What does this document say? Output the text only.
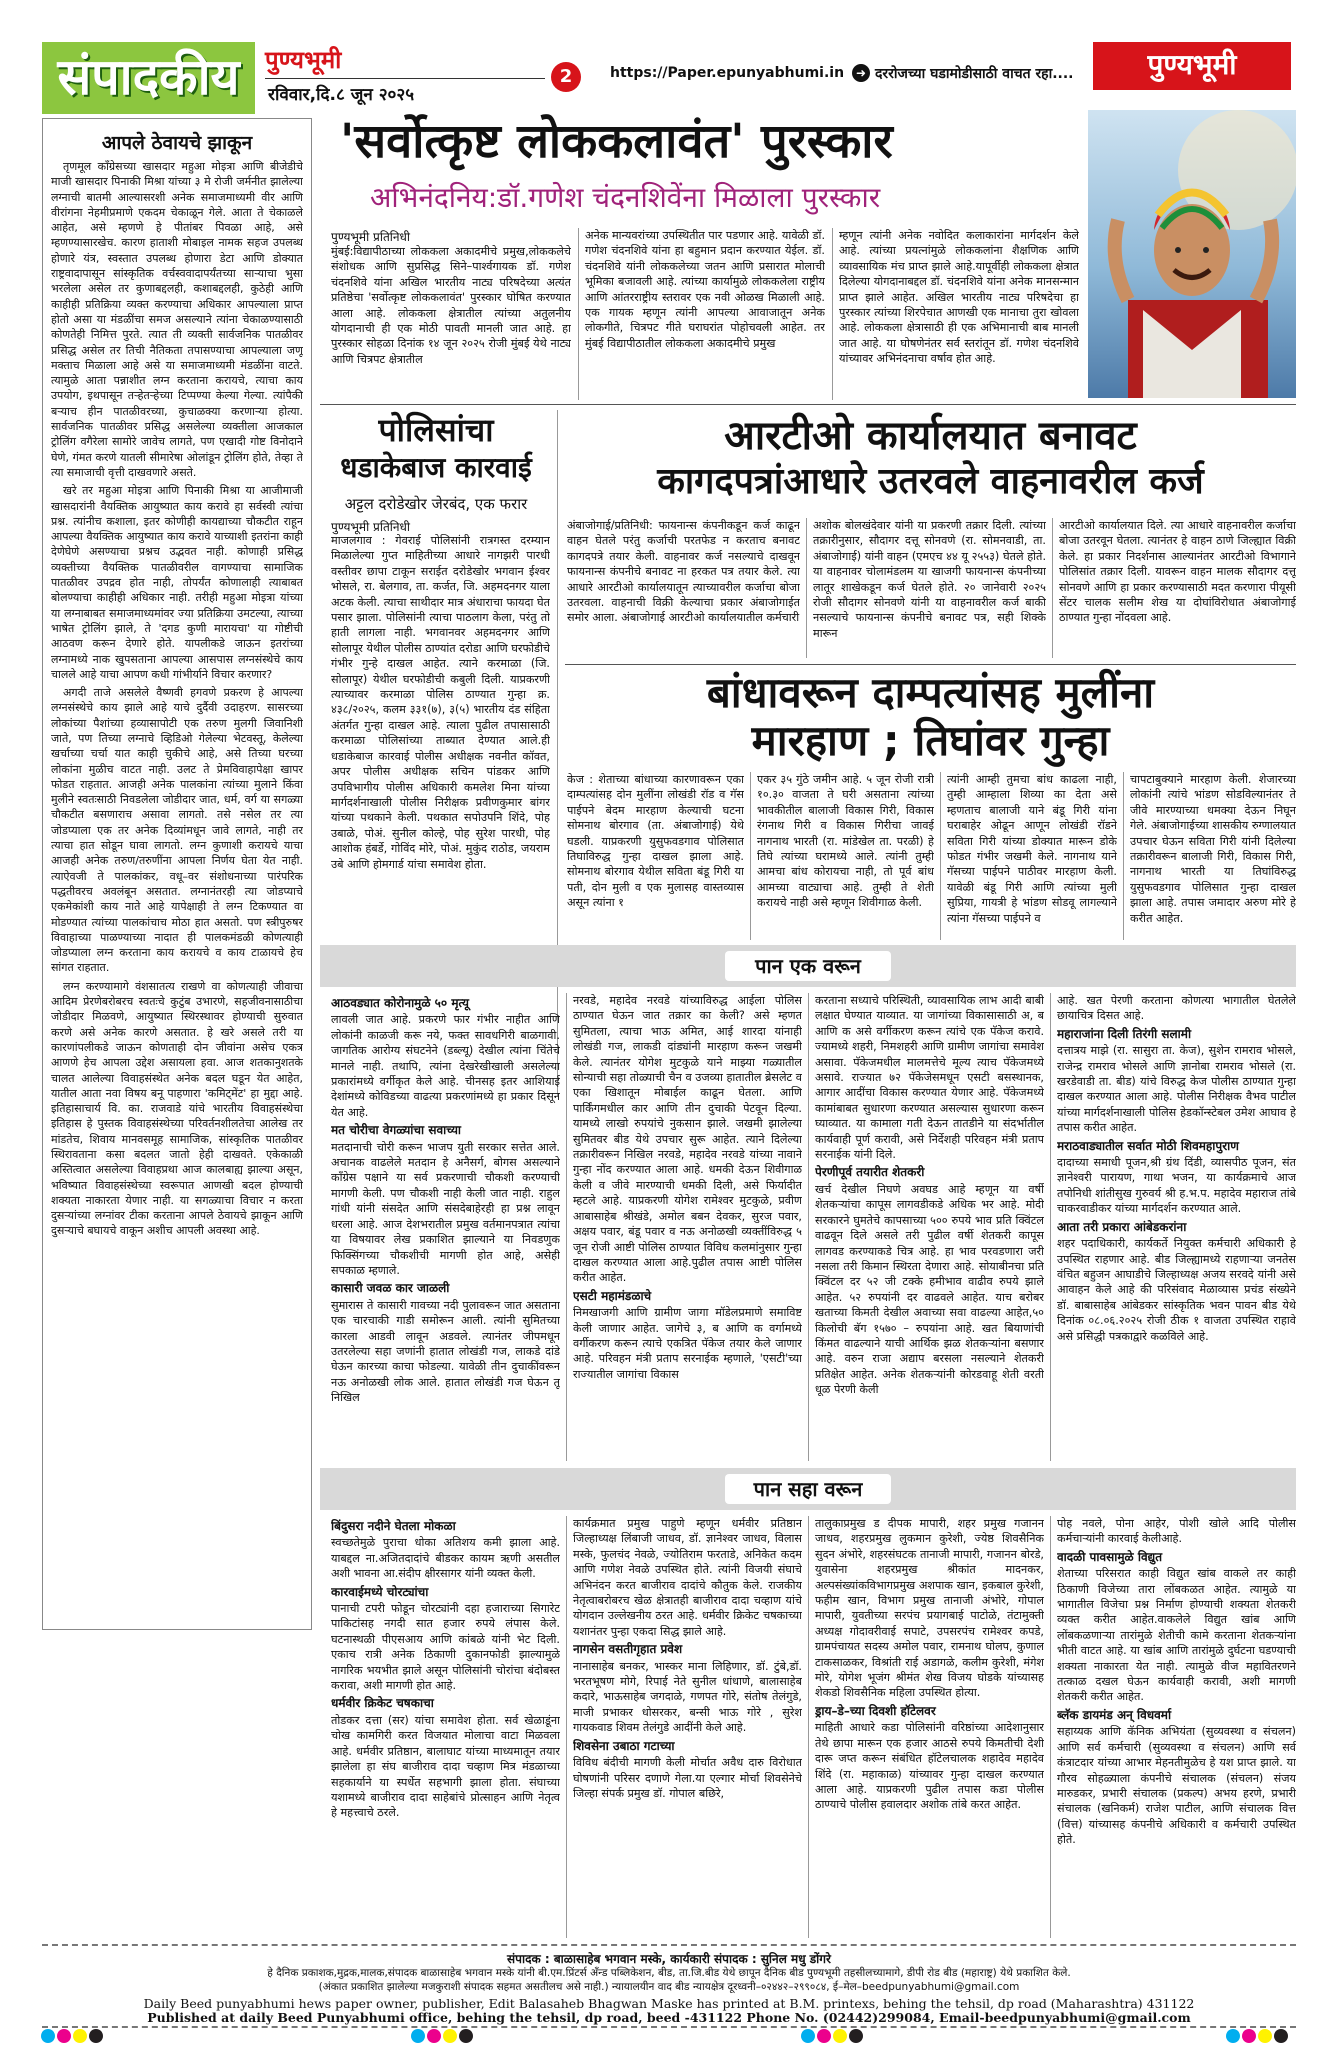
संपादकीय	पुण्यभूमी
रविवार,दि.८ जून २०२५
2	https://Paper.epunyabhumi.in ➜ दररोजच्या घडामोडीसाठी वाचत रहा....	पुण्यभूमी
आपले ठेवायचे झाकून

तृणमूल काँग्रेसच्या खासदार महुआ मोइत्रा आणि बीजेडीचे माजी खासदार पिनाकी मिश्रा यांच्या ३ मे रोजी जर्मनीत झालेल्या लग्नाची बातमी आल्यासरशी अनेक समाजमाध्यमी वीर आणि वीरांगना नेहमीप्रमाणे एकदम चेकाळून गेले. आता ते चेकाळले आहेत, असे म्हणणे हे पीतांबर पिवळा आहे, असे म्हणण्यासारखेच. कारण हाताशी मोबाइल नामक सहज उपलब्ध होणारे यंत्र, स्वस्तात उपलब्ध होणारा डेटा आणि डोक्यात राष्ट्रवादापासून सांस्कृतिक वर्चस्ववादापर्यंतच्या साऱ्याचा भुसा भरलेला असेल तर कुणाबद्दलही, कशाबद्दलही, कुठेही आणि काहीही प्रतिक्रिया व्यक्त करण्याचा अधिकार आपल्याला प्राप्त होतो असा या मंडळींचा समज असल्याने त्यांना चेकाळण्यासाठी कोणतेही निमित्त पुरते. त्यात ती व्यक्ती सार्वजनिक पातळीवर प्रसिद्ध असेल तर तिची नैतिकता तपासण्याचा आपल्याला जणू मक्ताच मिळाला आहे असे या समाजमाध्यमी मंडळींना वाटते. त्यामुळे आता पन्नाशीत लग्न करताना करायचे, त्याचा काय उपयोग, इथपासून तऱ्हेतऱ्हेच्या टिप्पण्या केल्या गेल्या. त्यांपैकी बऱ्याच हीन पातळीवरच्या, कुचाळक्या करणाऱ्या होत्या. सार्वजनिक पातळीवर प्रसिद्ध असलेल्या व्यक्तीला आजकाल ट्रोलिंग वगैरेला सामोरे जावेच लागते, पण एखादी गोष्ट विनोदाने घेणे, गंमत करणे यातली सीमारेषा ओलांडून ट्रोलिंग होते, तेव्हा ते त्या समाजाची वृत्ती दाखवणारे असते.

खरे तर महुआ मोइत्रा आणि पिनाकी मिश्रा या आजीमाजी खासदारांनी वैयक्तिक आयुष्यात काय करावे हा सर्वस्वी त्यांचा प्रश्न. त्यांनीच कशाला, इतर कोणीही कायद्याच्या चौकटीत राहून आपल्या वैयक्तिक आयुष्यात काय करावे याच्याशी इतरांना काही देणेघेणे असण्याचा प्रश्नच उद्भवत नाही. कोणाही प्रसिद्ध व्यक्तीच्या वैयक्तिक पातळीवरील वागण्याचा सामाजिक पातळीवर उपद्रव होत नाही, तोपर्यंत कोणालाही त्याबाबत बोलण्याचा काहीही अधिकार नाही. तरीही महुआ मोइत्रा यांच्या या लग्नाबाबत समाजमाध्यमांवर ज्या प्रतिक्रिया उमटल्या, त्याच्या भाषेत ट्रोलिंग झाले, ते 'दगड कुणी मारायचा' या गोष्टीची आठवण करून देणारे होते. यापलीकडे जाऊन इतरांच्या लग्नामध्ये नाक खुपसताना आपल्या आसपास लग्नसंस्थेचे काय चालले आहे याचा आपण कधी गांभीर्याने विचार करणार?

अगदी ताजे असलेले वैष्णवी हगवणे प्रकरण हे आपल्या लग्नसंस्थेचे काय झाले आहे याचे दुर्दैवी उदाहरण. सासरच्या लोकांच्या पैशांच्या हव्यासापोटी एक तरुण मुलगी जिवानिशी जाते, पण तिच्या लग्नाचे व्हिडिओ गेलेल्या भेटवस्तू, केलेल्या खर्चाच्या चर्चा यात काही चुकीचे आहे, असे तिच्या घरच्या लोकांना मुळीच वाटत नाही. उलट ते प्रेमविवाहापेक्षा खापर फोडत राहतात. आजही अनेक पालकांना त्यांच्या मुलाने किंवा मुलीने स्वतःसाठी निवडलेला जोडीदार जात, धर्म, वर्ग या सगळ्या चौकटीत बसणाराच असावा लागतो. तसे नसेल तर त्या जोडप्याला एक तर अनेक दिव्यांमधून जावे लागते, नाही तर त्याचा हात सोडून घावा लागतो. लग्न कुणाशी करायचे याचा आजही अनेक तरुण/तरुणींना आपला निर्णय घेता येत नाही. त्याऐवजी ते पालकांकर, वधू–वर संशोधनाच्या पारंपरिक पद्धतीवरच अवलंबून असतात. लग्नानंतरही त्या जोडप्याचे एकमेकांशी काय नाते आहे यापेक्षाही ते लग्न टिकण्यात वा मोडण्यात त्यांच्या पालकांचाच मोठा हात असतो. पण स्त्रीपुरुषर विवाहाच्या पाळण्याच्या नादात ही पालकमंडळी कोणत्याही जोडप्याला लग्न करताना काय करायचे व काय टाळायचे हेच सांगत राहतात.

लग्न करण्यामागे वंशसातत्य राखणे वा कोणत्याही जीवाचा आदिम प्रेरणेबरोबरच स्वतःचे कुटुंब उभारणे, सहजीवनासाठीचा जोडीदार मिळवणे, आयुष्यात स्थिरस्थावर होण्याची सुरुवात करणे असे अनेक कारणे असतात. हे खरे असले तरी या कारणांपलीकडे जाऊन कोणताही दोन जीवांना असेच एकत्र आणणे हेच आपला उद्देश असायला हवा. आज शतकानुशतके चालत आलेल्या विवाहसंस्थेत अनेक बदल घडून येत आहेत, यातील आता नवा विषय बनू पाहणारा 'कमिट्मेंट' हा मुद्दा आहे. इतिहासाचार्य वि. का. राजवाडे यांचे भारतीय विवाहसंस्थेचा इतिहास हे पुस्तक विवाहसंस्थेच्या परिवर्तनशीलतेचा आलेख तर मांडतेच, शिवाय मानवसमूह सामाजिक, सांस्कृतिक पातळीवर स्थिरावताना कसा बदलत जातो हेही दाखवते. एकेकाळी अस्तित्वात असलेल्या विवाहप्रथा आज कालबाह्य झाल्या असून, भविष्यात विवाहसंस्थेच्या स्वरूपात आणखी बदल होण्याची शक्यता नाकारता येणार नाही. या सगळ्याचा विचार न करता दुसऱ्यांच्या लग्नांवर टीका करताना आपले ठेवायचे झाकून आणि दुसऱ्याचे बघायचे वाकून अशीच आपली अवस्था आहे.

'सर्वोत्कृष्ट लोककलावंत' पुरस्कार
अभिनंदनिय:डॉ.गणेश चंदनशिवेंना मिळाला पुरस्कार
पुण्यभूमी प्रतिनिधी
मुंबई:विद्यापीठाच्या लोककला अकादमीचे प्रमुख,लोककलेचे संशोधक आणि सुप्रसिद्ध सिने–पार्श्वगायक डॉ. गणेश चंदनशिवे यांना अखिल भारतीय नाट्य परिषदेच्या अत्यंत प्रतिष्ठेचा 'सर्वोत्कृष्ट लोककलावंत' पुरस्कार घोषित करण्यात आला आहे. लोककला क्षेत्रातील त्यांच्या अतुलनीय योगदानाची ही एक मोठी पावती मानली जात आहे. हा पुरस्कार सोहळा दिनांक १४ जून २०२५ रोजी मुंबई येथे नाट्य आणि चित्रपट क्षेत्रातील
अनेक मान्यवरांच्या उपस्थितीत पार पडणार आहे. यावेळी डॉ. गणेश चंदनशिवे यांना हा बहुमान प्रदान करण्यात येईल. डॉ. चंदनशिवे यांनी लोककलेच्या जतन आणि प्रसारात मोलाची भूमिका बजावली आहे. त्यांच्या कार्यामुळे लोककलेला राष्ट्रीय आणि आंतरराष्ट्रीय स्तरावर एक नवी ओळख मिळाली आहे. एक गायक म्हणून त्यांनी आपल्या आवाजातून अनेक लोकगीते, चित्रपट गीते घराघरांत पोहोचवली आहेत. तर मुंबई विद्यापीठातील लोककला अकादमीचे प्रमुख
म्हणून त्यांनी अनेक नवोदित कलाकारांना मार्गदर्शन केले आहे. त्यांच्या प्रयत्नांमुळे लोककलांना शैक्षणिक आणि व्यावसायिक मंच प्राप्त झाले आहे.यापूर्वीही लोककला क्षेत्रात दिलेल्या योगदानाबद्दल डॉ. चंदनशिवे यांना अनेक मानसन्मान प्राप्त झाले आहेत. अखिल भारतीय नाट्य परिषदेचा हा पुरस्कार त्यांच्या शिरपेचात आणखी एक मानाचा तुरा खोवला आहे. लोककला क्षेत्रासाठी ही एक अभिमानाची बाब मानली जात आहे. या घोषणेनंतर सर्व स्तरांतून डॉ. गणेश चंदनशिवे यांच्यावर अभिनंदनाचा वर्षाव होत आहे.
पोलिसांचा
धडाकेबाज कारवाई
अट्टल दरोडेखोर जेरबंद, एक फरार
पुण्यभूमी प्रतिनिधी
माजलगाव : गेवराई पोलिसांनी रात्रगस्त दरम्यान मिळालेल्या गुप्त माहितीच्या आधारे नागझरी पारधी वस्तीवर छापा टाकून सराईत दरोडेखोर भगवान ईश्वर भोसले, रा. बेलगाव, ता. कर्जत, जि. अहमदनगर याला अटक केली. त्याचा साथीदार मात्र अंधाराचा फायदा घेत पसार झाला. पोलिसांनी त्याचा पाठलाग केला, परंतु तो हाती लागला नाही. भगवानवर अहमदनगर आणि सोलापूर येथील पोलीस ठाण्यांत दरोडा आणि घरफोडीचे गंभीर गुन्हे दाखल आहेत. त्याने करमाळा (जि. सोलापूर) येथील घरफोडीची कबुली दिली. याप्रकरणी त्याच्यावर करमाळा पोलिस ठाण्यात गुन्हा क्र. ४३८/२०२५, कलम ३३१(७), ३(५) भारतीय दंड संहिता अंतर्गत गुन्हा दाखल आहे. त्याला पुढील तपासासाठी करमाळा पोलिसांच्या ताब्यात देण्यात आले.ही धडाकेबाज कारवाई पोलीस अधीक्षक नवनीत कॉवत, अपर पोलीस अधीक्षक सचिन पांडकर आणि उपविभागीय पोलीस अधिकारी कमलेश मिना यांच्या मार्गदर्शनाखाली पोलीस निरीक्षक प्रवीणकुमार बांगर यांच्या पथकाने केली. पथकात सपोउपनि शिंदे, पोह उबाळे, पोअं. सुनील कोल्हे, पोह सुरेश पारधी, पोह आशोक हंबर्डे, गोविंद मोरे, पोअं. मुकुंद राठोड, जयराम उबे आणि होमगार्ड यांचा समावेश होता.
आरटीओ कार्यालयात बनावट
कागदपत्रांआधारे उतरवले वाहनावरील कर्ज
अंबाजोगाई/प्रतिनिधी: फायनान्स कंपनीकडून कर्ज काढून वाहन घेतले परंतु कर्जाची परतफेड न करताच बनावट कागदपत्रे तयार केली. वाहनावर कर्ज नसल्याचे दाखवून फायनान्स कंपनीचे बनावट ना हरकत पत्र तयार केले. त्या आधारे आरटीओ कार्यालयातून त्याच्यावरील कर्जाचा बोजा उतरवला. वाहनाची विक्री केल्याचा प्रकार अंबाजोगाईत समोर आला. अंबाजोगाई आरटीओ कार्यालयातील कर्मचारी
अशोक बोलखंदेवार यांनी या प्रकरणी तक्रार दिली. त्यांच्या तक्रारीनुसार, सौदागर दत्तू सोनवणे (रा. सोमनवाडी, ता. अंबाजोगाई) यांनी वाहन (एमएच ४४ यू २५५३) घेतले होते. या वाहनावर चोलामंडलम या खाजगी फायनान्स कंपनीच्या लातूर शाखेकडून कर्ज घेतले होते. २० जानेवारी २०२५ रोजी सौदागर सोनवणे यांनी या वाहनावरील कर्ज बाकी नसल्याचे फायनान्स कंपनीचे बनावट पत्र, सही शिक्के मारून
आरटीओ कार्यालयात दिले. त्या आधारे वाहनावरील कर्जाचा बोजा उतरवून घेतला. त्यानंतर हे वाहन ठाणे जिल्ह्यात विक्री केले. हा प्रकार निदर्शनास आल्यानंतर आरटीओ विभागाने पोलिसांत तक्रार दिली. यावरून वाहन मालक सौदागर दत्तू सोनवणे आणि हा प्रकार करण्यासाठी मदत करणारा पीयूसी सेंटर चालक सलीम शेख या दोघांविरोधात अंबाजोगाई ठाण्यात गुन्हा नोंदवला आहे.
बांधावरून दाम्पत्यांसह मुलींना
मारहाण ; तिघांवर गुन्हा
केज : शेताच्या बांधाच्या कारणावरून एका दाम्पत्यांसह दोन मुलींना लोखंडी रॉड व गॅस पाईपने बेदम मारहाण केल्याची घटना सोमनाथ बोरगाव (ता. अंबाजोगाई) येथे घडली. याप्रकरणी युसुफवडगाव पोलिसात तिघाविरुद्ध गुन्हा दाखल झाला आहे. सोमनाथ बोरगाव येथील सविता बंडू गिरी या पती, दोन मुली व एक मुलासह वास्तव्यास असून त्यांना १
एकर ३५ गुंठे जमीन आहे. ५ जून रोजी रात्री १०.३० वाजता ते घरी असताना त्यांच्या भावकीतील बालाजी विकास गिरी, विकास रंगनाथ गिरी व विकास गिरीचा जावई नागनाथ भारती (रा. मांडेखेल ता. परळी) हे तिघे त्यांच्या घरामध्ये आले. त्यांनी तुम्ही आमचा बांध कोरायचा नाही, तो पूर्व बांध आमच्या वाट्याचा आहे. तुम्ही ते शेती करायचे नाही असे म्हणून शिवीगाळ केली.
त्यांनी आम्ही तुमचा बांध काढला नाही, तुम्ही आम्हाला शिव्या का देता असे म्हणताच बालाजी याने बंडू गिरी यांना घराबाहेर ओढून आणून लोखंडी रॉडने सविता गिरी यांच्या डोक्यात मारून डोके फोडत गंभीर जखमी केले. नागनाथ याने गॅसच्या पाईपने पाठीवर मारहाण केली. यावेळी बंडू गिरी आणि त्यांच्या मुली सुप्रिया, गायत्री हे भांडण सोडवू लागल्याने त्यांना गॅसच्या पाईपने व
चापटाबुक्याने मारहाण केली. शेजारच्या लोकांनी त्यांचे भांडण सोडविल्यानंतर ते जीवे मारण्याच्या धमक्या देऊन निघून गेले. अंबाजोगाईच्या शासकीय रुग्णालयात उपचार घेऊन सविता गिरी यांनी दिलेल्या तक्रारीवरून बालाजी गिरी, विकास गिरी, नागनाथ भारती या तिघांविरुद्ध युसुफवडगाव पोलिसात गुन्हा दाखल झाला आहे. तपास जमादार अरुण मोरे हे करीत आहेत.
पान एक वरून
आठवड्यात कोरोनामुळे ५० मृत्यू
लावली जात आहे. प्रकरणे फार गंभीर नाहीत आणि लोकांनी काळजी करू नये, फक्त सावधगिरी बाळगावी. जागतिक आरोग्य संघटनेने (डब्ल्यू) देखील त्यांना चिंतेचे मानले नाही. तथापि, त्यांना देखरेखीखाली असलेल्या प्रकारांमध्ये वर्गीकृत केले आहे. चीनसह इतर आशियाई देशांमध्ये कोविडच्या वाढत्या प्रकरणांमध्ये हा प्रकार दिसून येत आहे.
मत चोरीचा वेगळ्यांचा सवाच्या
मतदानाची चोरी करून भाजप युती सरकार सत्तेत आले. अचानक वाढलेले मतदान हे अनैसर्ग, बोगस असल्याने काँग्रेस पक्षाने या सर्व प्रकरणाची चौकशी करण्याची मागणी केली. पण चौकशी नाही केली जात नाही. राहुल गांधी यांनी संसदेत आणि संसदेबाहेरही हा प्रश्न लावून धरला आहे. आज देशभरातील प्रमुख वर्तमानपत्रात त्यांचा या विषयावर लेख प्रकाशित झाल्याने या निवडणुक फिक्सिंगच्या चौकशीची मागणी होत आहे, असेही सपकाळ म्हणाले.
कासारी जवळ कार जाळली
सुमारास ते कासारी गावच्या नदी पुलावरून जात असताना एक चारचाकी गाडी समोरून आली. त्यांनी सुमितच्या कारला आडवी लावून अडवले. त्यानंतर जीपमधून उतरलेल्या सहा जणांनी हातात लोखंडी गज, लाकडे दांडे घेऊन कारच्या काचा फोडल्या. यावेळी तीन दुचाकींवरून नऊ अनोळखी लोक आले. हातात लोखंडी गज घेऊन तू निखिल
नरवडे, महादेव नरवडे यांच्याविरुद्ध आईला पोलिस ठाण्यात घेऊन जात तक्रार का केली? असे म्हणत सुमितला, त्याचा भाऊ अमित, आई शारदा यांनाही लोखंडी गज, लाकडी दांड्यांनी मारहाण करून जखमी केले. त्यानंतर योगेश मुटकुळे याने माझ्या गळ्यातील सोन्याची सहा तोळ्याची चैन व उजव्या हातातील ब्रेसलेट व एका खिशातून मोबाईल काढून घेतला. आणि पार्किंगमधील कार आणि तीन दुचाकी पेटवून दिल्या. यामध्ये लाखो रुपयांचे नुकसान झाले. जखमी झालेल्या सुमितवर बीड येथे उपचार सुरू आहेत. त्याने दिलेल्या तक्रारीवरून निखिल नरवडे, महादेव नरवडे यांच्या नावाने गुन्हा नोंद करण्यात आला आहे. धमकी देऊन शिवीगाळ केली व जीवे मारण्याची धमकी दिली, असे फिर्यादीत म्हटले आहे. याप्रकरणी योगेश रामेश्वर मुटकुळे, प्रवीण आबासाहेब श्रीखंडे, अमोल बबन देवकर, सुरज पवार, अक्षय पवार, बंडू पवार व नऊ अनोळखी व्यक्तींविरुद्ध ५ जून रोजी आष्टी पोलिस ठाण्यात विविध कलमांनुसार गुन्हा दाखल करण्यात आला आहे.पुढील तपास आष्टी पोलिस करीत आहेत.
एसटी महामंडळाचे
निमखाजगी आणि ग्रामीण जागा मॉडेलप्रमाणे समाविष्ट केली जाणार आहेत. जागेचे ३, ब आणि क वर्गामध्ये वर्गीकरण करून त्याचे एकत्रित पॅकेज तयार केले जाणार आहे. परिवहन मंत्री प्रताप सरनाईक म्हणाले, 'एसटी'च्या राज्यातील जागांचा विकास
करताना सध्याचे परिस्थिती, व्यावसायिक लाभ आदी बाबी लक्षात घेण्यात याव्यात. या जागांच्या विकासासाठी अ, ब आणि क असे वर्गीकरण करून त्यांचे एक पॅकेज करावे. ज्यामध्ये शहरी, निमशहरी आणि ग्रामीण जागांचा समावेश असावा. पॅकेजमधील मालमत्तेचे मूल्य त्याच पॅकेजमध्ये असावे. राज्यात ७२ पॅकेजेसमधून एसटी बसस्थानक, आगार आदींचा विकास करण्यात येणार आहे. पॅकेजमध्ये कामांबाबत सुधारणा करण्यात असल्यास सुधारणा करून घ्याव्यात. या कामाला गती देऊन तातडीने या संदर्भातील कार्यवाही पूर्ण करावी, असे निर्देशही परिवहन मंत्री प्रताप सरनाईक यांनी दिले.
पेरणीपूर्व तयारीत शेतकरी
खर्च देखील निघणे अवघड आहे म्हणून या वर्षी शेतकऱ्यांचा कापूस लागवडीकडे अधिक भर आहे. मोदी सरकारने घुमतेचे कापसाच्या ५०० रुपये भाव प्रति क्विंटल वाढवून दिले असले तरी पुढील वर्षी शेतकरी कापूस लागवड करण्याकडे चित्र आहे. हा भाव परवडणारा जरी नसला तरी किमान स्थिरता देणारा आहे. सोयाबीनचा प्रति क्विंटल दर ५२ जी टक्के हमीभाव वाढीव रुपये झाले आहेत. ५२ रुपयांनी दर वाढवले आहेत. याच बरोबर खताच्या किमती देखील अवाच्या सवा वाढल्या आहेत,५० किलोची बॅग १५७० – रुपयांना आहे. खत बियाणांची किंमत वाढल्याने याची आर्थिक झळ शेतकऱ्यांना बसणार आहे. वरुन राजा अद्याप बरसला नसल्याने शेतकरी प्रतिक्षेत आहेत. अनेक शेतकऱ्यांनी कोरडवाहू शेती वरती धूळ पेरणी केली
आहे. खत पेरणी करताना कोणत्या भागातील घेतलेले छायाचित्र दिसत आहे.
महाराजांना दिली तिरंगी सलामी
दत्तात्रय माझे (रा. सासुरा ता. केज), सुशेन रामराव भोसले, राजेन्द्र रामराव भोसले आणि ज्ञानोबा रामराव भोसले (रा. खरडेवाडी ता. बीड) यांचे विरुद्ध केज पोलीस ठाण्यात गुन्हा दाखल करण्यात आला आहे. पोलीस निरीक्षक वैभव पाटील यांच्या मार्गदर्शनाखाली पोलिस हेडकॉन्स्टेबल उमेश आघाव हे तपास करीत आहेत.
मराठवाड्यातील सर्वात मोठी शिवमहापुराण
दादाच्या समाधी पूजन,श्री ग्रंथ दिंडी, व्यासपीठ पूजन, संत ज्ञानेश्वरी पारायण, गाथा भजन, या कार्यक्रमाचे आज तपोनिधी शांतीसुख गुरुवर्य श्री ह.भ.प. महादेव महाराज तांबे चाकरवाडीकर यांच्या मार्गदर्शन करण्यात आले.
आता तरी प्रकारा आंबेडकरांना
शहर पदाधिकारी, कार्यकर्ते नियुक्त कर्मचारी अधिकारी हे उपस्थित राहणार आहे. बीड जिल्ह्यामध्ये राहणाऱ्या जनतेस वंचित बहुजन आघाडीचे जिल्हाध्यक्ष अजय सरवदे यांनी असे आवाहन केले आहे की परिसंवाद मेळाव्यास प्रचंड संख्येने डॉ. बाबासाहेब आंबेडकर सांस्कृतिक भवन पावन बीड येथे दिनांक ०८.०६.२०२५ रोजी ठीक १ वाजता उपस्थित राहावे असे प्रसिद्धी पत्रकाद्वारे कळविले आहे.
पान सहा वरून
बिंदुसरा नदीने घेतला मोकळा
स्वच्छतेमुळे पुराचा धोका अतिशय कमी झाला आहे. याबद्दल ना.अजितदादांचे बीडकर कायम ऋणी असतील अशी भावना आ.संदीप क्षीरसागर यांनी व्यक्त केली.
कारवाईमध्ये चोरट्यांचा
पानाची टपरी फोडून चोरट्यांनी दहा हजाराच्या सिगारेट पाकिटांसह नगदी सात हजार रुपये लंपास केले. घटनास्थळी पीएसआय आणि कांबळे यांनी भेट दिली. एकाच रात्री अनेक ठिकाणी दुकानफोडी झाल्यामुळे नागरिक भयभीत झाले असून पोलिसांनी चोरांचा बंदोबस्त करावा, अशी मागणी होत आहे.
धर्मवीर क्रिकेट चषकाचा
तोडकर दत्ता (सर) यांचा समावेश होता. सर्व खेळाडूंना चोख कामगिरी करत विजयात मोलाचा वाटा मिळवला आहे. धर्मवीर प्रतिष्ठान, बालाघाट यांच्या माध्यमातून तयार झालेला हा संघ बाजीराव दादा चव्हाण मित्र मंडळाच्या सहकार्याने या स्पर्धेत सहभागी झाला होता. संघाच्या यशामध्ये बाजीराव दादा साहेबांचे प्रोत्साहन आणि नेतृत्व हे महत्त्वाचे ठरले.
कार्यक्रमात प्रमुख पाहुणे म्हणून धर्मवीर प्रतिष्ठान जिल्हाध्यक्ष लिंबाजी जाधव, डॉ. ज्ञानेश्वर जाधव, विलास मस्के, फुलचंद नेवळे, ज्योतिराम फरताडे, अनिकेत कदम आणि गणेश नेवळे उपस्थित होते. त्यांनी विजयी संघाचे अभिनंदन करत बाजीराव दादांचे कौतुक केले. राजकीय नेतृत्वाबरोबरच खेळ क्षेत्रातही बाजीराव दादा चव्हाण यांचे योगदान उल्लेखनीय ठरत आहे. धर्मवीर क्रिकेट चषकाच्या यशानंतर पुन्हा एकदा सिद्ध झाले आहे.
नागसेन वसतीगृहात प्रवेश
नानासाहेब बनकर, भास्कर माना लिहिणार, डॉ. टुंबे,डॉ. भरतभूषण मोगे, रिपाई नेते सुनील धांधाणे, बालासाहेब कदारे, भाऊसाहेब जगदाळे, गणपत गोरे, संतोष तेलंगुडे, माजी प्रभाकर धोसरकर, बन्सी भाऊ गोरे , सुरेश गायकवाड शिवम तेलंगुडे आदींनी केले आहे.
शिवसेना उबाठा गटाच्या
विविध बंदीची मागणी केली मोर्चात अवैध दारु विरोधात घोषणांनी परिसर दणाणे गेला.या एल्गार मोर्चा शिवसेनेचे जिल्हा संपर्क प्रमुख डॉ. गोपाल बछिरे,
तालुकाप्रमुख ड दीपक मापारी, शहर प्रमुख गजानन जाधव, शहरप्रमुख लुकमान कुरेशी, ज्येष्ठ शिवसैनिक सुदन अंभोरे, शहरसंघटक तानाजी मापारी, गजानन बोरडे, युवासेना शहरप्रमुख श्रीकांत मादनकर, अल्पसंख्यांकविभागप्रमुख अशपाक खान, इकबाल कुरेशी, फहीम खान, विभाग प्रमुख तानाजी अंभोरे, गोपाल मापारी, युवतीच्या सरपंच प्रयागबाई पाटोळे, तंटामुक्ती अध्यक्ष गोदावरीवाई सपाटे, उपसरपंच रामेश्वर कपडे, ग्रामपंचायत सदस्य अमोल पवार, रामनाथ घोलप, कुणाल टाकसाळकर, विश्रांती राई अडागळे, कलीम कुरेशी, मंगेश मोरे, योगेश भूजंग श्रीमंत शेख विजय घोडके यांच्यासह शेकडो शिवसैनिक महिला उपस्थित होत्या.
ड्राय–डे–च्या दिवशी हॉटेलवर
माहिती आधारे कडा पोलिसांनी वरिष्ठांच्या आदेशानुसार तेथे छापा मारून एक हजार आठसे रुपये किमतीची देशी दारू जप्त करून संबंधित हॉटेलचालक शहादेव महादेव शिंदे (रा. महाकाळ) यांच्यावर गुन्हा दाखल करण्यात आला आहे. याप्रकरणी पुढील तपास कडा पोलीस ठाण्याचे पोलीस हवालदार अशोक तांबे करत आहेत.
पोह नवले, पोना आहेर, पोशी खोले आदि पोलीस कर्मचाऱ्यांनी कारवाई केलीआहे.
वादळी पावसामुळे विद्युत
शेताच्या परिसरात काही विद्युत खांब वाकले तर काही ठिकाणी विजेच्या तारा लोंबकळत आहेत. त्यामुळे या भागातील विजेचा प्रश्न निर्माण होण्याची शक्यता शेतकरी व्यक्त करीत आहेत.वाकलेले विद्युत खांब आणि लोंबकळणाऱ्या तारांमुळे शेतीची कामे करताना शेतकऱ्यांना भीती वाटत आहे. या खांब आणि तारांमुळे दुर्घटना घडण्याची शक्यता नाकारता येत नाही. त्यामुळे वीज महावितरणने तत्काळ दखल घेऊन कार्यवाही करावी, अशी मागणी शेतकरी करीत आहेत.
ब्लॅक डायमंड अन् विधवर्मा
सहाय्यक आणि कॅनिक अभियंता (सुव्यवस्था व संचलन) आणि सर्व कर्मचारी (सुव्यवस्था व संचलन) आणि सर्व कंत्राटदार यांच्या आभार मेहनतीमुळेच हे यश प्राप्त झाले. या गौरव सोहळ्याला कंपनीचे संचालक (संचलन) संजय मारुडकर, प्रभारी संचालक (प्रकल्प) अभय हरणे, प्रभारी संचालक (खनिकर्म) राजेश पाटील, आणि संचालक वित्त (वित्त) यांच्यासह कंपनीचे अधिकारी व कर्मचारी उपस्थित होते.
संपादक : बाळासाहेब भगवान मस्के, कार्यकारी संपादक : सुनिल मधु डोंगरे
हे दैनिक प्रकाशक,मुद्रक,मालक,संपादक बाळासाहेब भगवान मस्के यांनी बी.एम.प्रिंटर्स अँन्ड पब्लिकेशन, बीड, ता.जि.बीड येथे छापून दैनिक बीड पुण्यभूमी तहसीलच्यामागे, डीपी रोड बीड (महाराष्ट्र) येथे प्रकाशित केले.
(अंकात प्रकाशित झालेल्या मजकुराशी संपादक सहमत असतीलच असे नाही.) न्यायालयीन वाद बीड न्यायक्षेत्र दूरध्वनी–०२४४२–२९९०८४, ई–मेल–beedpunyabhumi@gmail.com
Daily Beed punyabhumi hews paper owner, publisher, Edit Balasaheb Bhagwan Maske has printed at B.M. printexs, behing the tehsil, dp road (Maharashtra) 431122
Published at daily Beed Punyabhumi office, behing the tehsil, dp road, beed -431122 Phone No. (02442)299084, Email-beedpunyabhumi@gmail.com
